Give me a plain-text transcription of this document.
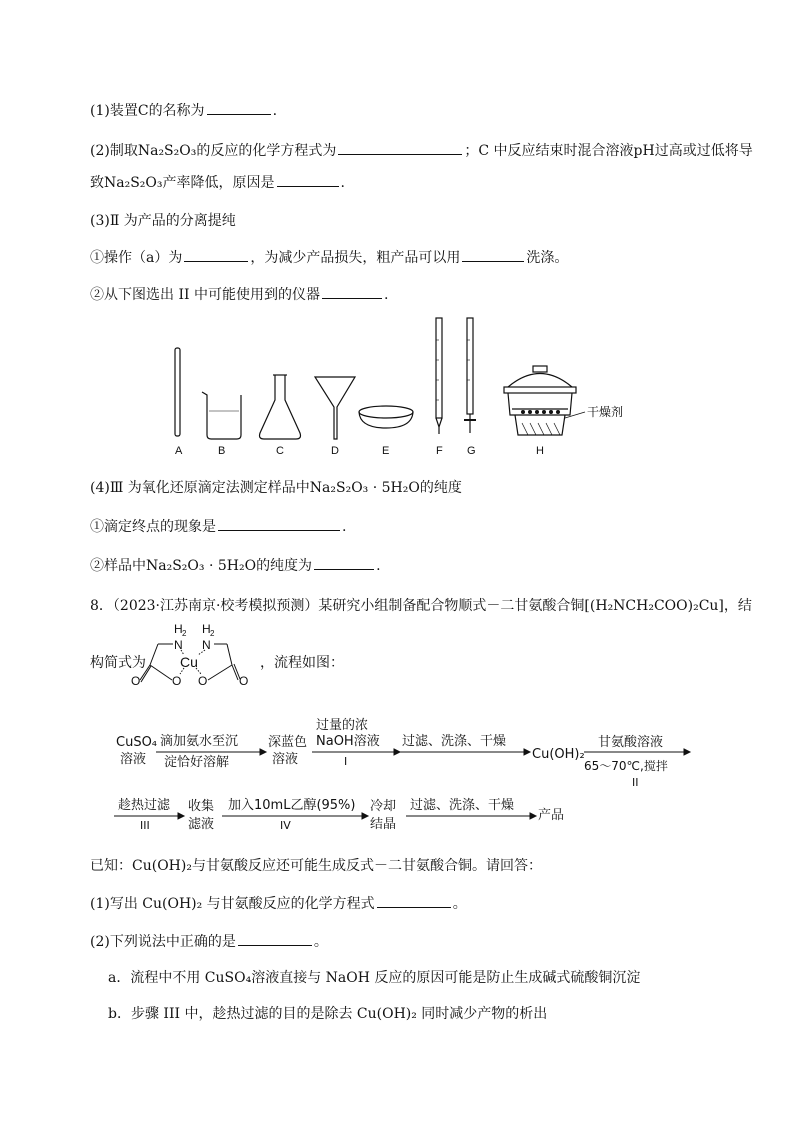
(1)装置C的名称为	.
(2)制取Na₂S₂O₃的反应的化学方程式为	；C 中反应结束时混合溶液pH过高或过低将导
致Na₂S₂O₃产率降低，原因是	.
(3)Ⅱ 为产品的分离提纯
①操作（a）为	，为减少产品损失，粗产品可以用	洗涤。
②从下图选出 II 中可能使用到的仪器	.
A	B	C	D	E	F G	H
干燥剂
(4)Ⅲ 为氧化还原滴定法测定样品中Na₂S₂O₃ · 5H₂O的纯度
①滴定终点的现象是	.
②样品中Na₂S₂O₃ · 5H₂O的纯度为	.
8．（2023·江苏南京·校考模拟预测）某研究小组制备配合物顺式－二甘氨酸合铜[(H₂NCH₂COO)₂Cu]，结
构简式为	，流程如图：
H 2 H 2
N N
Cu
O O
O	O
CuSO₄
溶液
滴加氨水至沉
淀恰好溶解
深蓝色
溶液
过量的浓
NaOH溶液
I
过滤、洗涤、干燥
Cu(OH)₂
甘氨酸溶液
65～70℃,搅拌
II
趁热过滤
III
收集
滤液
加入10mL乙醇(95%)
IV
冷却
结晶
过滤、洗涤、干燥
产品
已知：Cu(OH)₂与甘氨酸反应还可能生成反式－二甘氨酸合铜。请回答：
(1)写出 Cu(OH)₂ 与甘氨酸反应的化学方程式	。
(2)下列说法中正确的是	。
a．流程中不用 CuSO₄溶液直接与 NaOH 反应的原因可能是防止生成碱式硫酸铜沉淀
b．步骤 III 中，趁热过滤的目的是除去 Cu(OH)₂ 同时减少产物的析出
